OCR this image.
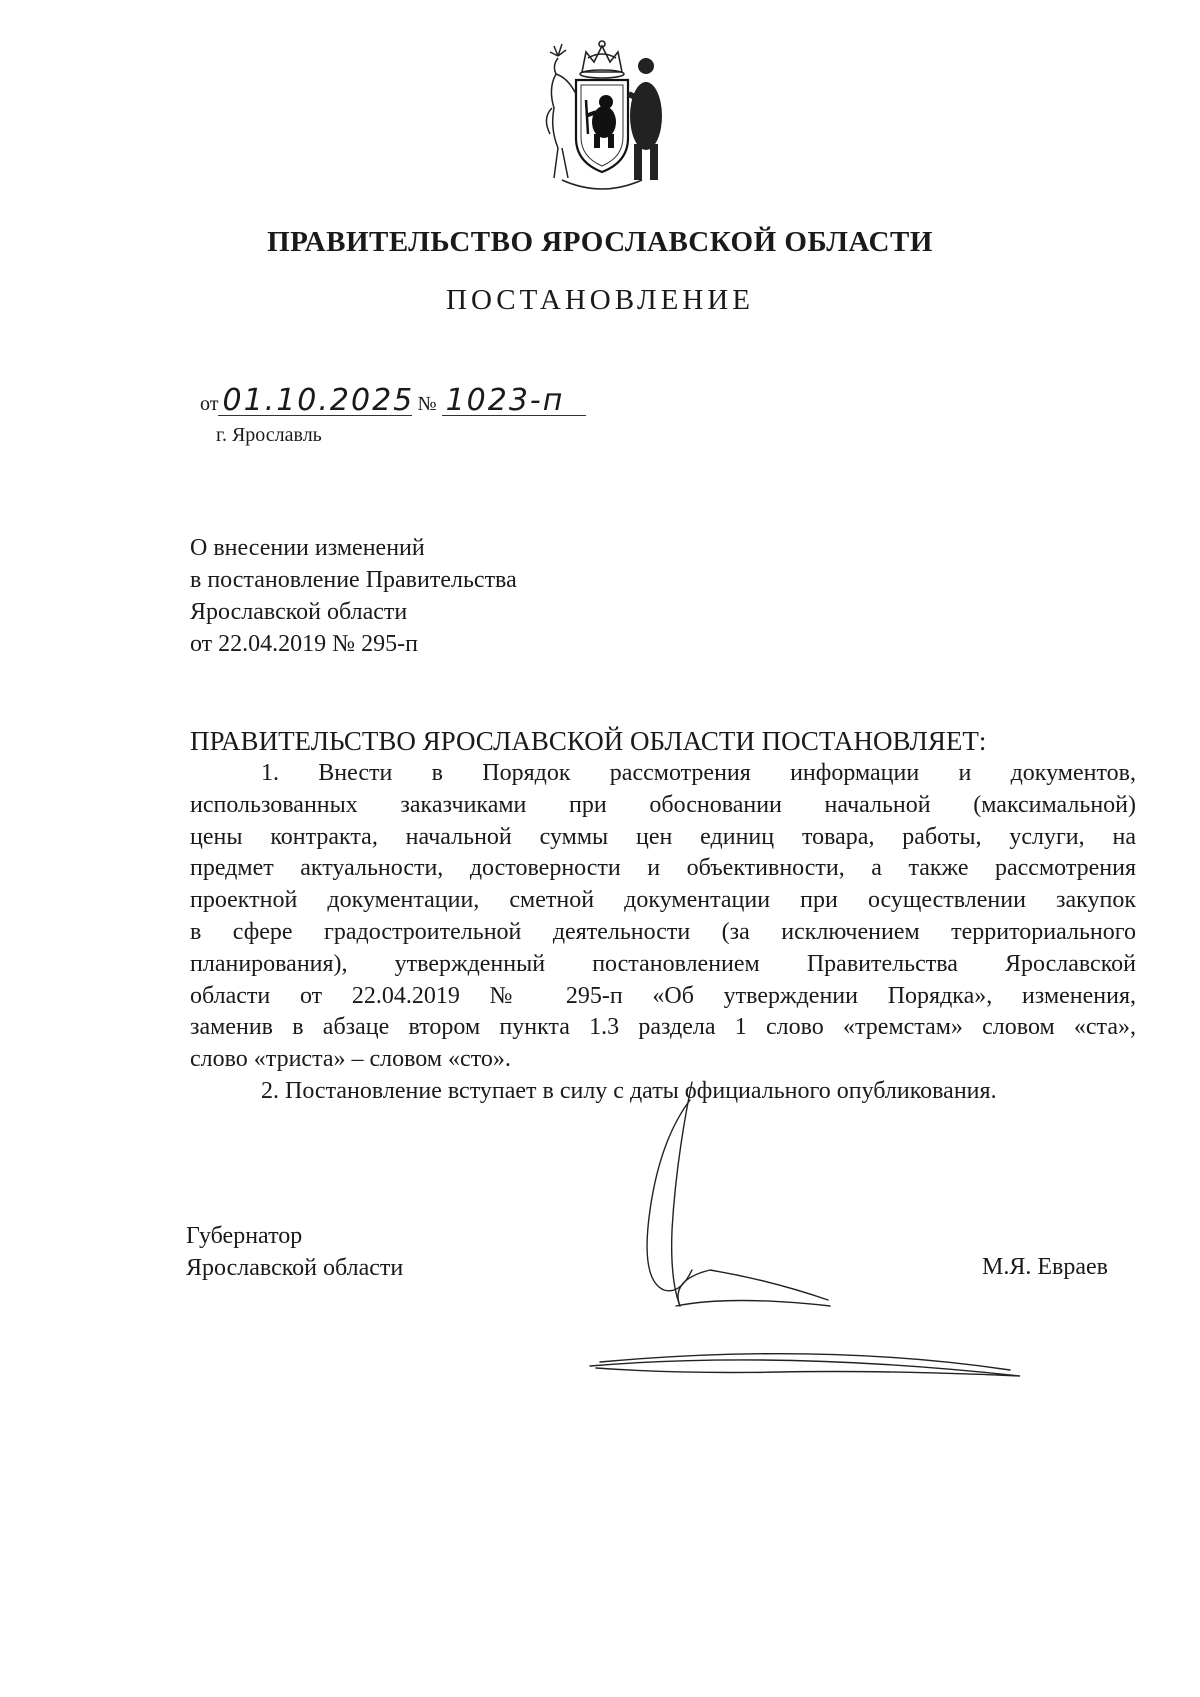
ПРАВИТЕЛЬСТВО ЯРОСЛАВСКОЙ ОБЛАСТИ
ПОСТАНОВЛЕНИЕ
от 01.10.2025 № 1023-п
г. Ярославль
О внесении изменений
в постановление Правительства
Ярославской области
от 22.04.2019 № 295-п
ПРАВИТЕЛЬСТВО ЯРОСЛАВСКОЙ ОБЛАСТИ ПОСТАНОВЛЯЕТ:
1. Внести в Порядок рассмотрения информации и документов,
использованных заказчиками при обосновании начальной (максимальной)
цены контракта, начальной суммы цен единиц товара, работы, услуги, на
предмет актуальности, достоверности и объективности, а также рассмотрения
проектной документации, сметной документации при осуществлении закупок
в сфере градостроительной деятельности (за исключением территориального
планирования), утвержденный постановлением Правительства Ярославской
области от 22.04.2019 № 295-п «Об утверждении Порядка», изменения,
заменив в абзаце втором пункта 1.3 раздела 1 слово «тремстам» словом «ста»,
слово «триста» – словом «сто».
2. Постановление вступает в силу с даты официального опубликования.
Губернатор
Ярославской области	М.Я. Евраев
